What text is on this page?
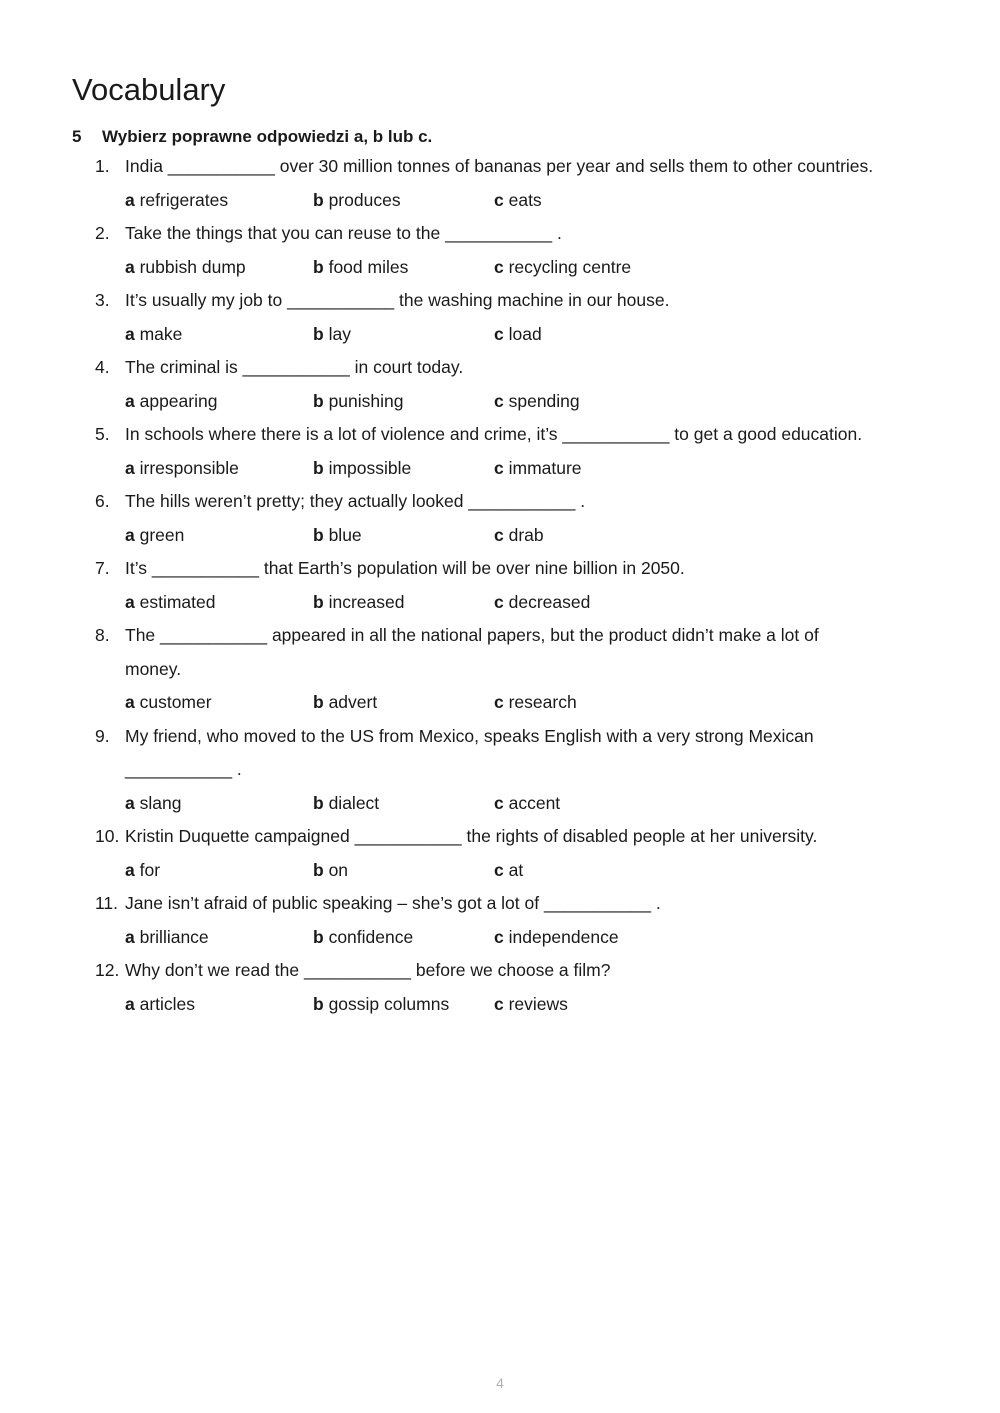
Vocabulary
5 Wybierz poprawne odpowiedzi a, b lub c.
1. India ___________ over 30 million tonnes of bananas per year and sells them to other countries.
a refrigerates	b produces	c eats
2. Take the things that you can reuse to the ___________ .
a rubbish dump	b food miles	c recycling centre
3. It’s usually my job to ___________ the washing machine in our house.
a make	b lay	c load
4. The criminal is ___________ in court today.
a appearing	b punishing	c spending
5. In schools where there is a lot of violence and crime, it’s ___________ to get a good education.
a irresponsible	b impossible	c immature
6. The hills weren’t pretty; they actually looked ___________ .
a green	b blue	c drab
7. It’s ___________ that Earth’s population will be over nine billion in 2050.
a estimated	b increased	c decreased
8. The ___________ appeared in all the national papers, but the product didn’t make a lot of
money.
a customer	b advert	c research
9. My friend, who moved to the US from Mexico, speaks English with a very strong Mexican
___________ .
a slang	b dialect	c accent
10. Kristin Duquette campaigned ___________ the rights of disabled people at her university.
a for	b on	c at
11. Jane isn’t afraid of public speaking – she’s got a lot of ___________ .
a brilliance	b confidence	c independence
12. Why don’t we read the ___________ before we choose a film?
a articles	b gossip columns	c reviews
4
